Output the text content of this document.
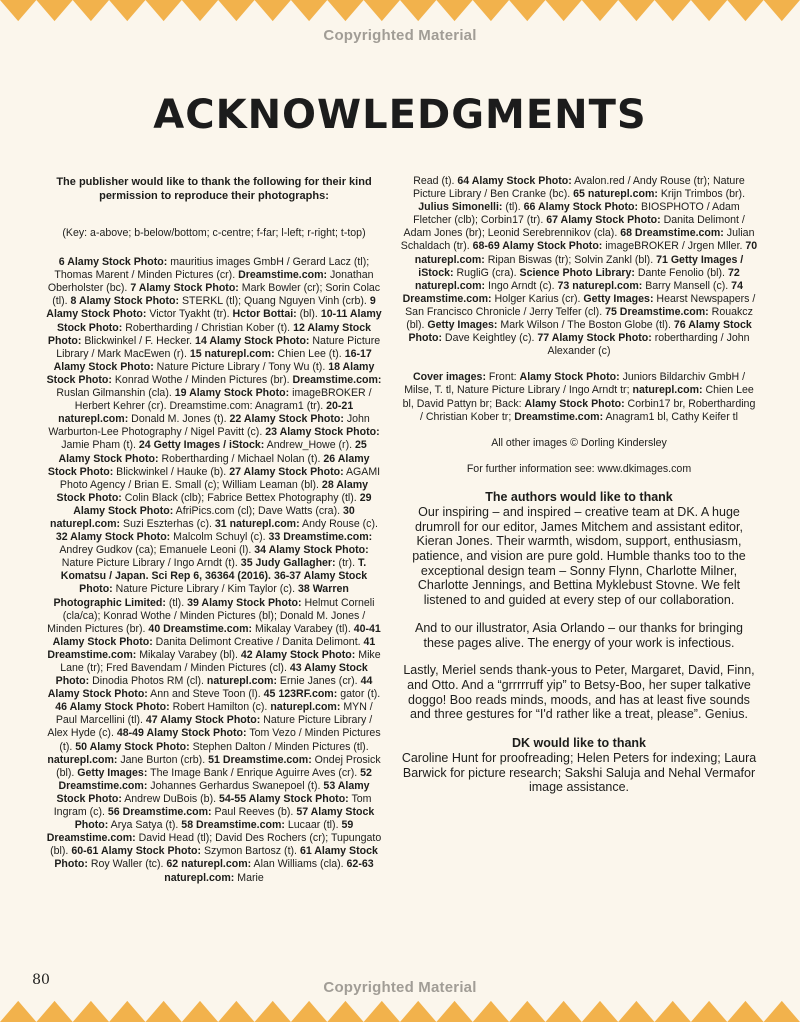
Copyrighted Material
ACKNOWLEDGMENTS

The publisher would like to thank the following for their kind permission to reproduce their photographs:

(Key: a-above; b-below/bottom; c-centre; f-far; l-left; r-right; t-top)

6 Alamy Stock Photo: mauritius images GmbH / Gerard Lacz (tl); Thomas Marent / Minden Pictures (cr). Dreamstime.com: Jonathan Oberholster (bc). 7 Alamy Stock Photo: Mark Bowler (cr); Sorin Colac (tl). 8 Alamy Stock Photo: STERKL (tl); Quang Nguyen Vinh (crb). 9 Alamy Stock Photo: Victor Tyakht (tr). Hctor Bottai: (bl). 10-11 Alamy Stock Photo: Robertharding / Christian Kober (t). 12 Alamy Stock Photo: Blickwinkel / F. Hecker. 14 Alamy Stock Photo: Nature Picture Library / Mark MacEwen (r). 15 naturepl.com: Chien Lee (t). 16-17 Alamy Stock Photo: Nature Picture Library / Tony Wu (t). 18 Alamy Stock Photo: Konrad Wothe / Minden Pictures (br). Dreamstime.com: Ruslan Gilmanshin (cla). 19 Alamy Stock Photo: imageBROKER / Herbert Kehrer (cr). Dreamstime.com: Anagram1 (tr). 20-21 naturepl.com: Donald M. Jones (t). 22 Alamy Stock Photo: John Warburton-Lee Photography / Nigel Pavitt (c). 23 Alamy Stock Photo: Jamie Pham (t). 24 Getty Images / iStock: Andrew_Howe (r). 25 Alamy Stock Photo: Robertharding / Michael Nolan (t). 26 Alamy Stock Photo: Blickwinkel / Hauke (b). 27 Alamy Stock Photo: AGAMI Photo Agency / Brian E. Small (c); William Leaman (bl). 28 Alamy Stock Photo: Colin Black (clb); Fabrice Bettex Photography (tl). 29 Alamy Stock Photo: AfriPics.com (cl); Dave Watts (cra). 30 naturepl.com: Suzi Eszterhas (c). 31 naturepl.com: Andy Rouse (c). 32 Alamy Stock Photo: Malcolm Schuyl (c). 33 Dreamstime.com: Andrey Gudkov (ca); Emanuele Leoni (l). 34 Alamy Stock Photo: Nature Picture Library / Ingo Arndt (t). 35 Judy Gallagher: (tr). T. Komatsu / Japan. Sci Rep 6, 36364 (2016). 36-37 Alamy Stock Photo: Nature Picture Library / Kim Taylor (c). 38 Warren Photographic Limited: (tl). 39 Alamy Stock Photo: Helmut Corneli (cla/ca); Konrad Wothe / Minden Pictures (bl); Donald M. Jones / Minden Pictures (br). 40 Dreamstime.com: Mikalay Varabey (tl). 40-41 Alamy Stock Photo: Danita Delimont Creative / Danita Delimont. 41 Dreamstime.com: Mikalay Varabey (bl). 42 Alamy Stock Photo: Mike Lane (tr); Fred Bavendam / Minden Pictures (cl). 43 Alamy Stock Photo: Dinodia Photos RM (cl). naturepl.com: Ernie Janes (cr). 44 Alamy Stock Photo: Ann and Steve Toon (l). 45 123RF.com: gator (t). 46 Alamy Stock Photo: Robert Hamilton (c). naturepl.com: MYN / Paul Marcellini (tl). 47 Alamy Stock Photo: Nature Picture Library / Alex Hyde (c). 48-49 Alamy Stock Photo: Tom Vezo / Minden Pictures (t). 50 Alamy Stock Photo: Stephen Dalton / Minden Pictures (tl). naturepl.com: Jane Burton (crb). 51 Dreamstime.com: Ondej Prosick (bl). Getty Images: The Image Bank / Enrique Aguirre Aves (cr). 52 Dreamstime.com: Johannes Gerhardus Swanepoel (t). 53 Alamy Stock Photo: Andrew DuBois (b). 54-55 Alamy Stock Photo: Tom Ingram (c). 56 Dreamstime.com: Paul Reeves (b). 57 Alamy Stock Photo: Arya Satya (t). 58 Dreamstime.com: Lucaar (tl). 59 Dreamstime.com: David Head (tl); David Des Rochers (cr); Tupungato (bl). 60-61 Alamy Stock Photo: Szymon Bartosz (t). 61 Alamy Stock Photo: Roy Waller (tc). 62 naturepl.com: Alan Williams (cla). 62-63 naturepl.com: Marie

Read (t). 64 Alamy Stock Photo: Avalon.red / Andy Rouse (tr); Nature Picture Library / Ben Cranke (bc). 65 naturepl.com: Krijn Trimbos (br). Julius Simonelli: (tl). 66 Alamy Stock Photo: BIOSPHOTO / Adam Fletcher (clb); Corbin17 (tr). 67 Alamy Stock Photo: Danita Delimont / Adam Jones (br); Leonid Serebrennikov (cla). 68 Dreamstime.com: Julian Schaldach (tr). 68-69 Alamy Stock Photo: imageBROKER / Jrgen Mller. 70 naturepl.com: Ripan Biswas (tr); Solvin Zankl (bl). 71 Getty Images / iStock: RugliG (cra). Science Photo Library: Dante Fenolio (bl). 72 naturepl.com: Ingo Arndt (c). 73 naturepl.com: Barry Mansell (c). 74 Dreamstime.com: Holger Karius (cr). Getty Images: Hearst Newspapers / San Francisco Chronicle / Jerry Telfer (cl). 75 Dreamstime.com: Rouakcz (bl). Getty Images: Mark Wilson / The Boston Globe (tl). 76 Alamy Stock Photo: Dave Keightley (c). 77 Alamy Stock Photo: robertharding / John Alexander (c)

Cover images: Front: Alamy Stock Photo: Juniors Bildarchiv GmbH / Milse, T. tl, Nature Picture Library / Ingo Arndt tr; naturepl.com: Chien Lee bl, David Pattyn br; Back: Alamy Stock Photo: Corbin17 br, Robertharding / Christian Kober tr; Dreamstime.com: Anagram1 bl, Cathy Keifer tl

All other images © Dorling Kindersley

For further information see: www.dkimages.com

The authors would like to thank

Our inspiring – and inspired – creative team at DK. A huge drumroll for our editor, James Mitchem and assistant editor, Kieran Jones. Their warmth, wisdom, support, enthusiasm, patience, and vision are pure gold. Humble thanks too to the exceptional design team – Sonny Flynn, Charlotte Milner, Charlotte Jennings, and Bettina Myklebust Stovne. We felt listened to and guided at every step of our collaboration.

And to our illustrator, Asia Orlando – our thanks for bringing these pages alive. The energy of your work is infectious.

Lastly, Meriel sends thank-yous to Peter, Margaret, David, Finn, and Otto. And a “grrrrruff yip” to Betsy-Boo, her super talkative doggo! Boo reads minds, moods, and has at least five sounds and three gestures for “I'd rather like a treat, please”. Genius.

DK would like to thank

Caroline Hunt for proofreading; Helen Peters for indexing; Laura Barwick for picture research; Sakshi Saluja and Nehal Vermafor image assistance.

Copyrighted Material
80
